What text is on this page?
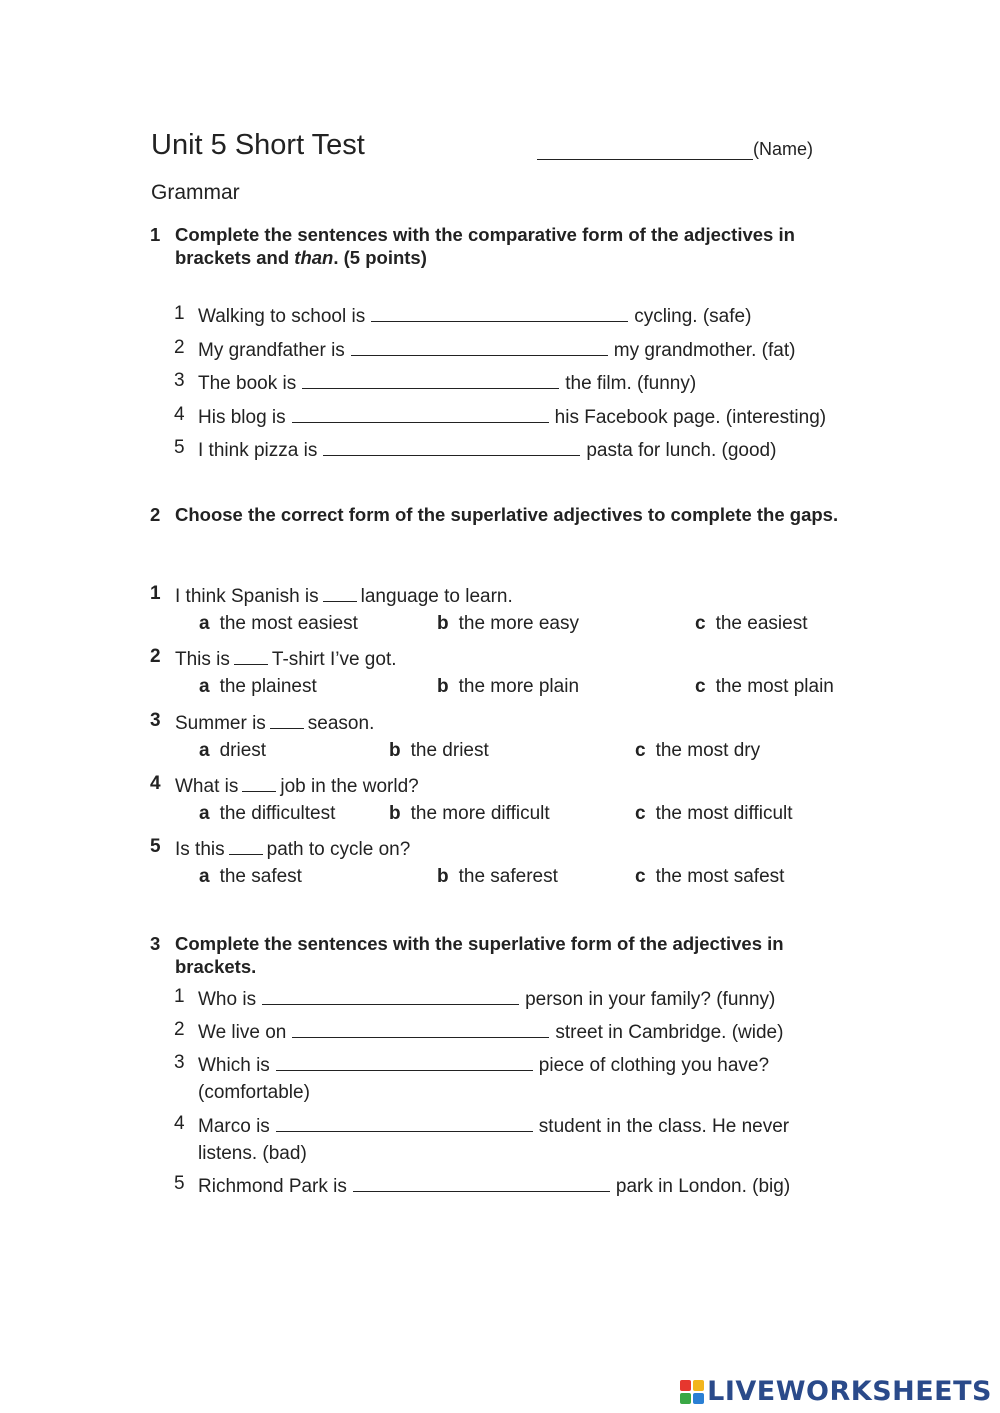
Unit 5 Short Test	(Name)
Grammar
1 Complete the sentences with the comparative form of the adjectives in brackets and than. (5 points)
1 Walking to school is	cycling. (safe)
2 My grandfather is	my grandmother. (fat)
3 The book is	the film. (funny)
4 His blog is	his Facebook page. (interesting)
5 I think pizza is	pasta for lunch. (good)
2 Choose the correct form of the superlative adjectives to complete the gaps.
1 I think Spanish is language to learn.
a the most easiest	b the more easy	c the easiest
2 This is T-shirt I’ve got.
a the plainest	b the more plain	c the most plain
3 Summer is season.
a driest	b the driest	c the most dry
4 What is job in the world?
a the difficultest	b the more difficult	c the most difficult
5 Is this path to cycle on?
a the safest	b the saferest	c the most safest
3 Complete the sentences with the superlative form of the adjectives in brackets.
1 Who is	person in your family? (funny)
2 We live on	street in Cambridge. (wide)
3 Which is	piece of clothing you have? (comfortable)
4 Marco is	student in the class. He never listens. (bad)
5 Richmond Park is	park in London. (big)
LIVEWORKSHEETS
